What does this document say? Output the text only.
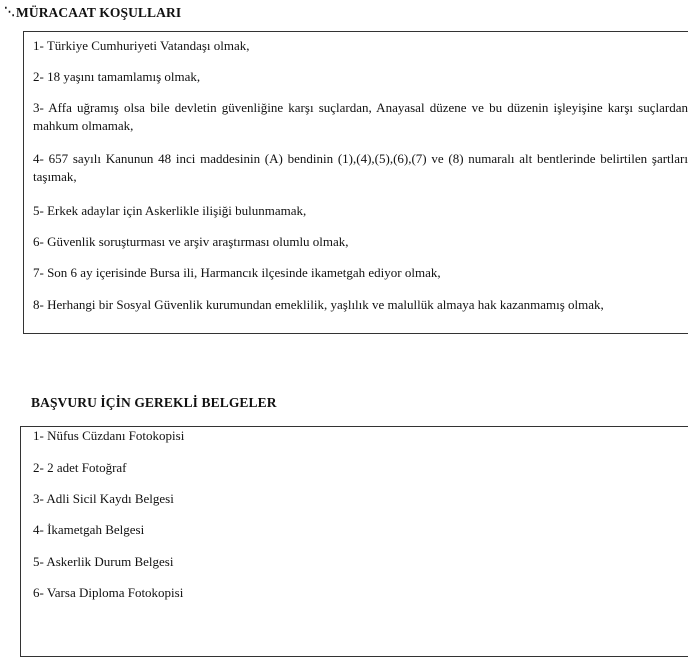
⋱ MÜRACAAT KOŞULLARI
1- Türkiye Cumhuriyeti Vatandaşı olmak,
2- 18 yaşını tamamlamış olmak,
3- Affa uğramış olsa bile devletin güvenliğine karşı suçlardan, Anayasal düzene ve bu düzenin işleyişine karşı suçlardan mahkum olmamak,
4- 657 sayılı Kanunun 48 inci maddesinin (A) bendinin (1),(4),(5),(6),(7) ve (8) numaralı alt bentlerinde belirtilen şartları taşımak,
5- Erkek adaylar için Askerlikle ilişiği bulunmamak,
6- Güvenlik soruşturması ve arşiv araştırması olumlu olmak,
7- Son 6 ay içerisinde Bursa ili, Harmancık ilçesinde ikametgah ediyor olmak,
8- Herhangi bir Sosyal Güvenlik kurumundan emeklilik, yaşlılık ve malullük almaya hak kazanmamış olmak,
BAŞVURU İÇİN GEREKLİ BELGELER
1- Nüfus Cüzdanı Fotokopisi
2- 2 adet Fotoğraf
3- Adli Sicil Kaydı Belgesi
4- İkametgah Belgesi
5- Askerlik Durum Belgesi
6- Varsa Diploma Fotokopisi
